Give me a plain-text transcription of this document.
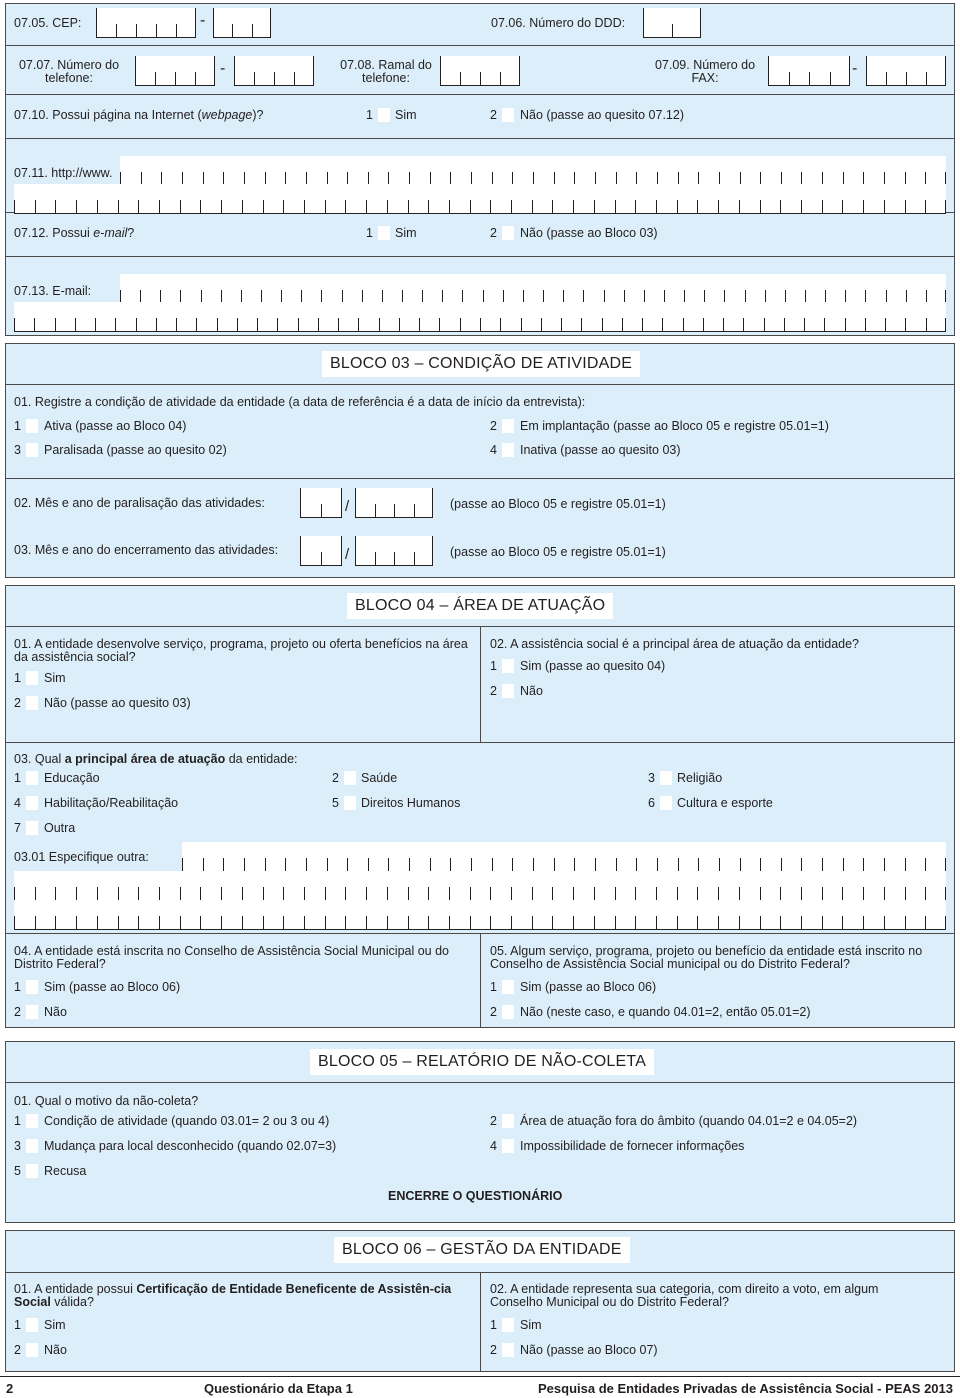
07.05. CEP:	-	07.06. Número do DDD:
07.07. Número do
telefone:
-	07.08. Ramal do
telefone:
07.09. Número do
FAX:
-
07.10. Possui página na Internet (webpage)?	1 Sim	2 Não (passe ao quesito 07.12)
07.11. http://www.
07.12. Possui e-mail?	1 Sim	2 Não (passe ao Bloco 03)
07.13. E-mail:
BLOCO 03 – CONDIÇÃO DE ATIVIDADE
01. Registre a condição de atividade da entidade (a data de referência é a data de início da entrevista):
1 Ativa (passe ao Bloco 04)	2 Em implantação (passe ao Bloco 05 e registre 05.01=1)
3 Paralisada (passe ao quesito 02)	4 Inativa (passe ao quesito 03)
02. Mês e ano de paralisação das atividades:	/	(passe ao Bloco 05 e registre 05.01=1)
03. Mês e ano do encerramento das atividades:	/	(passe ao Bloco 05 e registre 05.01=1)
BLOCO 04 – ÁREA DE ATUAÇÃO
01. A entidade desenvolve serviço, programa, projeto ou oferta benefícios na área da assistência social?
1 Sim
2 Não (passe ao quesito 03)
02. A assistência social é a principal área de atuação da entidade?
1 Sim (passe ao quesito 04)
2 Não
03. Qual a principal área de atuação da entidade:
1 Educação	2 Saúde	3 Religião
4 Habilitação/Reabilitação	5 Direitos Humanos	6 Cultura e esporte
7 Outra
03.01 Especifique outra:
04. A entidade está inscrita no Conselho de Assistência Social Municipal ou do Distrito Federal?
1 Sim (passe ao Bloco 06)
2 Não
05. Algum serviço, programa, projeto ou benefício da entidade está inscrito no Conselho de Assistência Social municipal ou do Distrito Federal?
1 Sim (passe ao Bloco 06)
2 Não (neste caso, e quando 04.01=2, então 05.01=2)
BLOCO 05 – RELATÓRIO DE NÃO-COLETA
01. Qual o motivo da não-coleta?
1 Condição de atividade (quando 03.01= 2 ou 3 ou 4)	2 Área de atuação fora do âmbito (quando 04.01=2 e 04.05=2)
3 Mudança para local desconhecido (quando 02.07=3)	4 Impossibilidade de fornecer informações
5 Recusa
ENCERRE O QUESTIONÁRIO
BLOCO 06 – GESTÃO DA ENTIDADE
01. A entidade possui Certificação de Entidade Beneficente de Assistên-cia Social válida?
1 Sim
2 Não
02. A entidade representa sua categoria, com direito a voto, em algum Conselho Municipal ou do Distrito Federal?
1 Sim
2 Não (passe ao Bloco 07)
2	Questionário da Etapa 1	Pesquisa de Entidades Privadas de Assistência Social - PEAS 2013
